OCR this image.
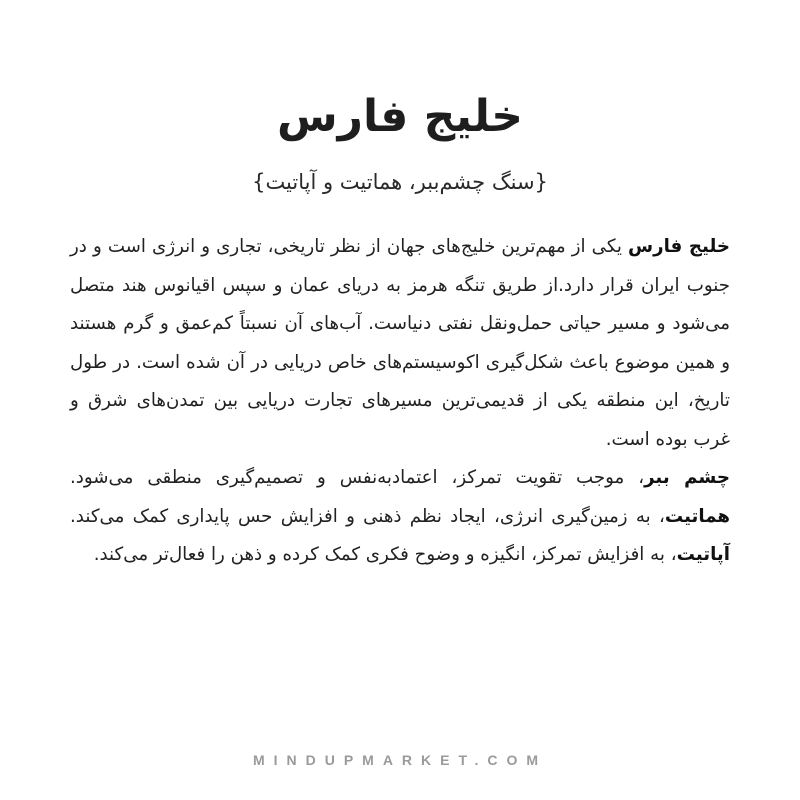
خلیج فارس
{سنگ چشم‌ببر، هماتیت و آپاتیت}

خلیج فارس یکی از مهم‌ترین خلیج‌های جهان از نظر تاریخی، تجاری و انرژی است و در جنوب ایران قرار دارد.از طریق تنگه هرمز به دریای عمان و سپس اقیانوس هند متصل می‌شود و مسیر حیاتی حمل‌ونقل نفتی دنیاست. آب‌های آن نسبتاً کم‌عمق و گرم هستند و همین موضوع باعث شکل‌گیری اکوسیستم‌های خاص دریایی در آن شده است. در طول تاریخ، این منطقه یکی از قدیمی‌ترین مسیرهای تجارت دریایی بین تمدن‌های شرق و غرب بوده است.

چشم ببر، موجب تقویت تمرکز، اعتمادبه‌نفس و تصمیم‌گیری منطقی می‌شود. هماتیت، به زمین‌گیری انرژی، ایجاد نظم ذهنی و افزایش حس پایداری کمک می‌کند. آپاتیت، به افزایش تمرکز، انگیزه و وضوح فکری کمک کرده و ذهن را فعال‌تر می‌کند.

MINDUPMARKET.COM
